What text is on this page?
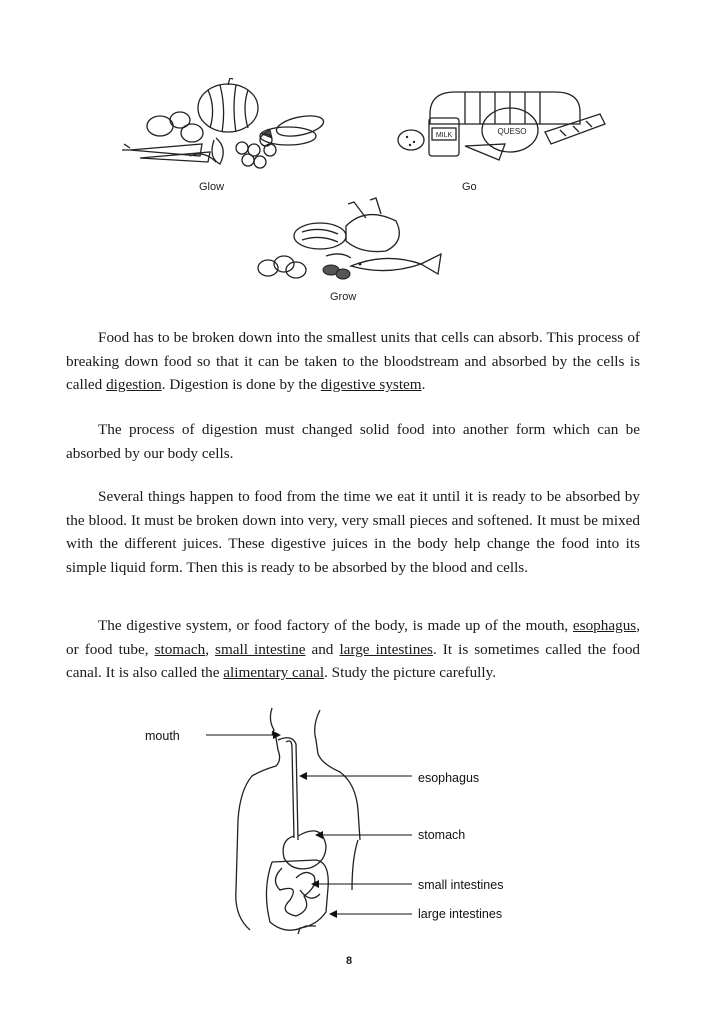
Glow
MILK	QUESO
Go
Grow

Food has to be broken down into the smallest units that cells can absorb. This process of breaking down food so that it can be taken to the bloodstream and absorbed by the cells is called digestion. Digestion is done by the digestive system.

The process of digestion must changed solid food into another form which can be absorbed by our body cells.

Several things happen to food from the time we eat it until it is ready to be absorbed by the blood. It must be broken down into very, very small pieces and softened. It must be mixed with the different juices. These digestive juices in the body help change the food into its simple liquid form. Then this is ready to be absorbed by the blood and cells.

The digestive system, or food factory of the body, is made up of the mouth, esophagus, or food tube, stomach, small intestine and large intestines. It is sometimes called the food canal. It is also called the alimentary canal. Study the picture carefully.

mouth
esophagus
stomach
small intestines
large intestines
8
